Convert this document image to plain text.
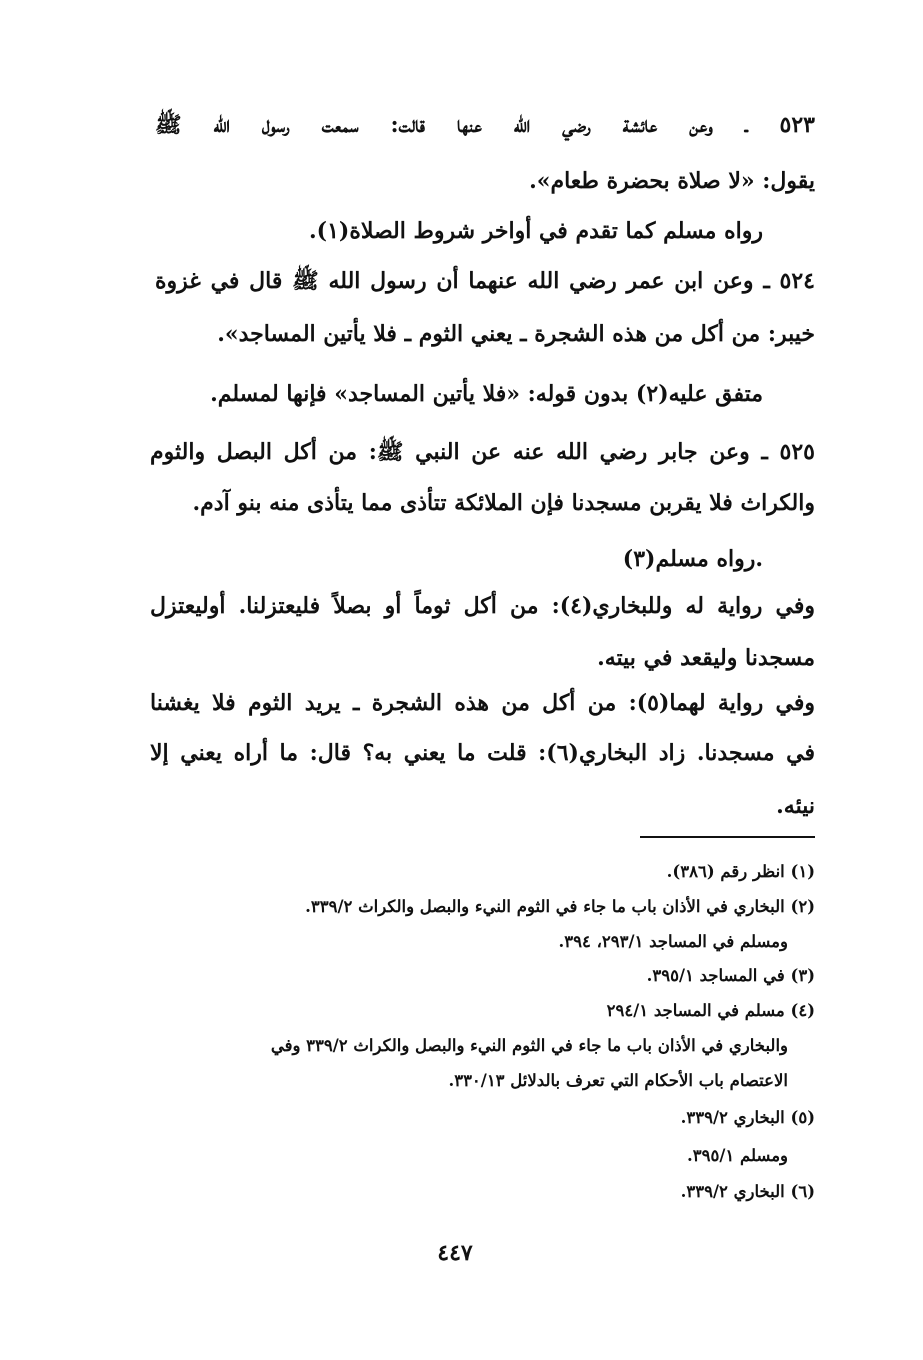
٥٢٣ ـ وعن عائشة رضي الله عنها قالت: سمعت رسول الله ﷺ
يقول: «لا صلاة بحضرة طعام».
رواه مسلم كما تقدم في أواخر شروط الصلاة(١).
٥٢٤ ـ وعن ابن عمر رضي الله عنهما أن رسول الله ﷺ قال في غزوة
خيبر: من أكل من هذه الشجرة ـ يعني الثوم ـ فلا يأتين المساجد».
متفق عليه(٢) بدون قوله: «فلا يأتين المساجد» فإنها لمسلم.
٥٢٥ ـ وعن جابر رضي الله عنه عن النبي ﷺ: من أكل البصل والثوم
والكراث فلا يقربن مسجدنا فإن الملائكة تتأذى مما يتأذى منه بنو آدم.
.رواه مسلم(٣)
وفي رواية له وللبخاري(٤): من أكل ثوماً أو بصلاً فليعتزلنا. أوليعتزل
مسجدنا وليقعد في بيته.
وفي رواية لهما(٥): من أكل من هذه الشجرة ـ يريد الثوم فلا يغشنا
في مسجدنا. زاد البخاري(٦): قلت ما يعني به؟ قال: ما أراه يعني إلا
نيئه.
(١) انظر رقم (٣٨٦).
(٢) البخاري في الأذان باب ما جاء في الثوم النيء والبصل والكراث ٣٣٩/٢.
ومسلم في المساجد ٢٩٣/١، ٣٩٤.
(٣) في المساجد ٣٩٥/١.
(٤) مسلم في المساجد ٢٩٤/١
والبخاري في الأذان باب ما جاء في الثوم النيء والبصل والكراث ٣٣٩/٢ وفي
الاعتصام باب الأحكام التي تعرف بالدلائل ٣٣٠/١٣.
(٥) البخاري ٣٣٩/٢.
ومسلم ٣٩٥/١.
(٦) البخاري ٣٣٩/٢.
٤٤٧
